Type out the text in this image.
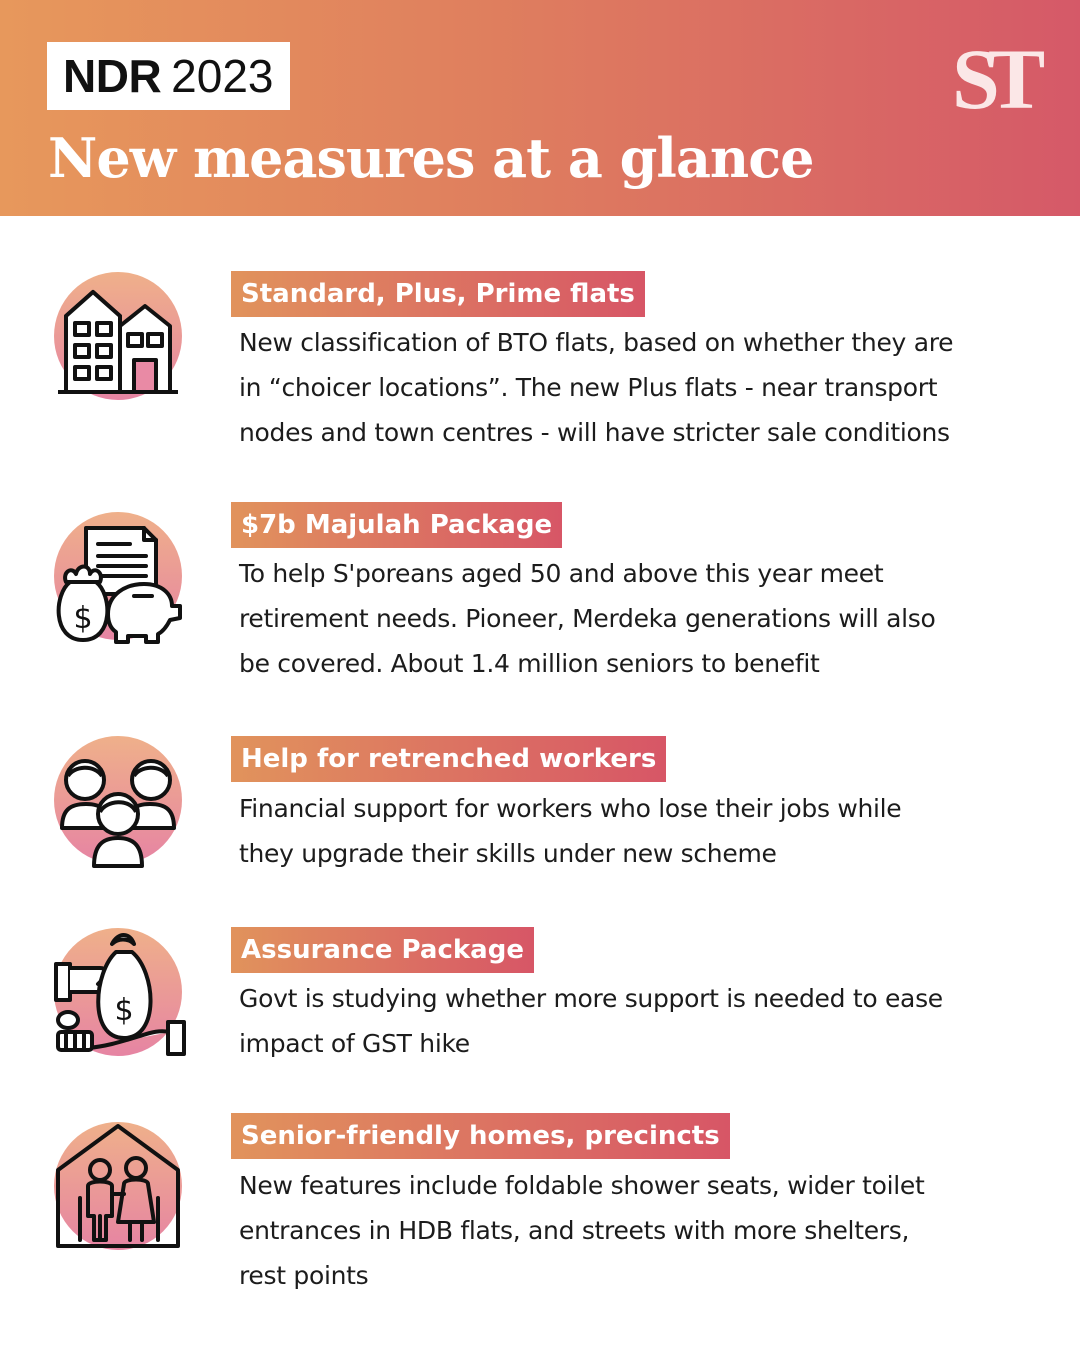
NDR 2023
New measures at a glance
ST
Standard, Plus, Prime flats
New classification of BTO flats, based on whether they are
in “choicer locations”. The new Plus flats - near transport
nodes and town centres - will have stricter sale conditions
$
$7b Majulah Package
To help S'poreans aged 50 and above this year meet
retirement needs. Pioneer, Merdeka generations will also
be covered. About 1.4 million seniors to benefit
Help for retrenched workers
Financial support for workers who lose their jobs while
they upgrade their skills under new scheme
$
Assurance Package
Govt is studying whether more support is needed to ease
impact of GST hike
Senior-friendly homes, precincts
New features include foldable shower seats, wider toilet
entrances in HDB flats, and streets with more shelters,
rest points
